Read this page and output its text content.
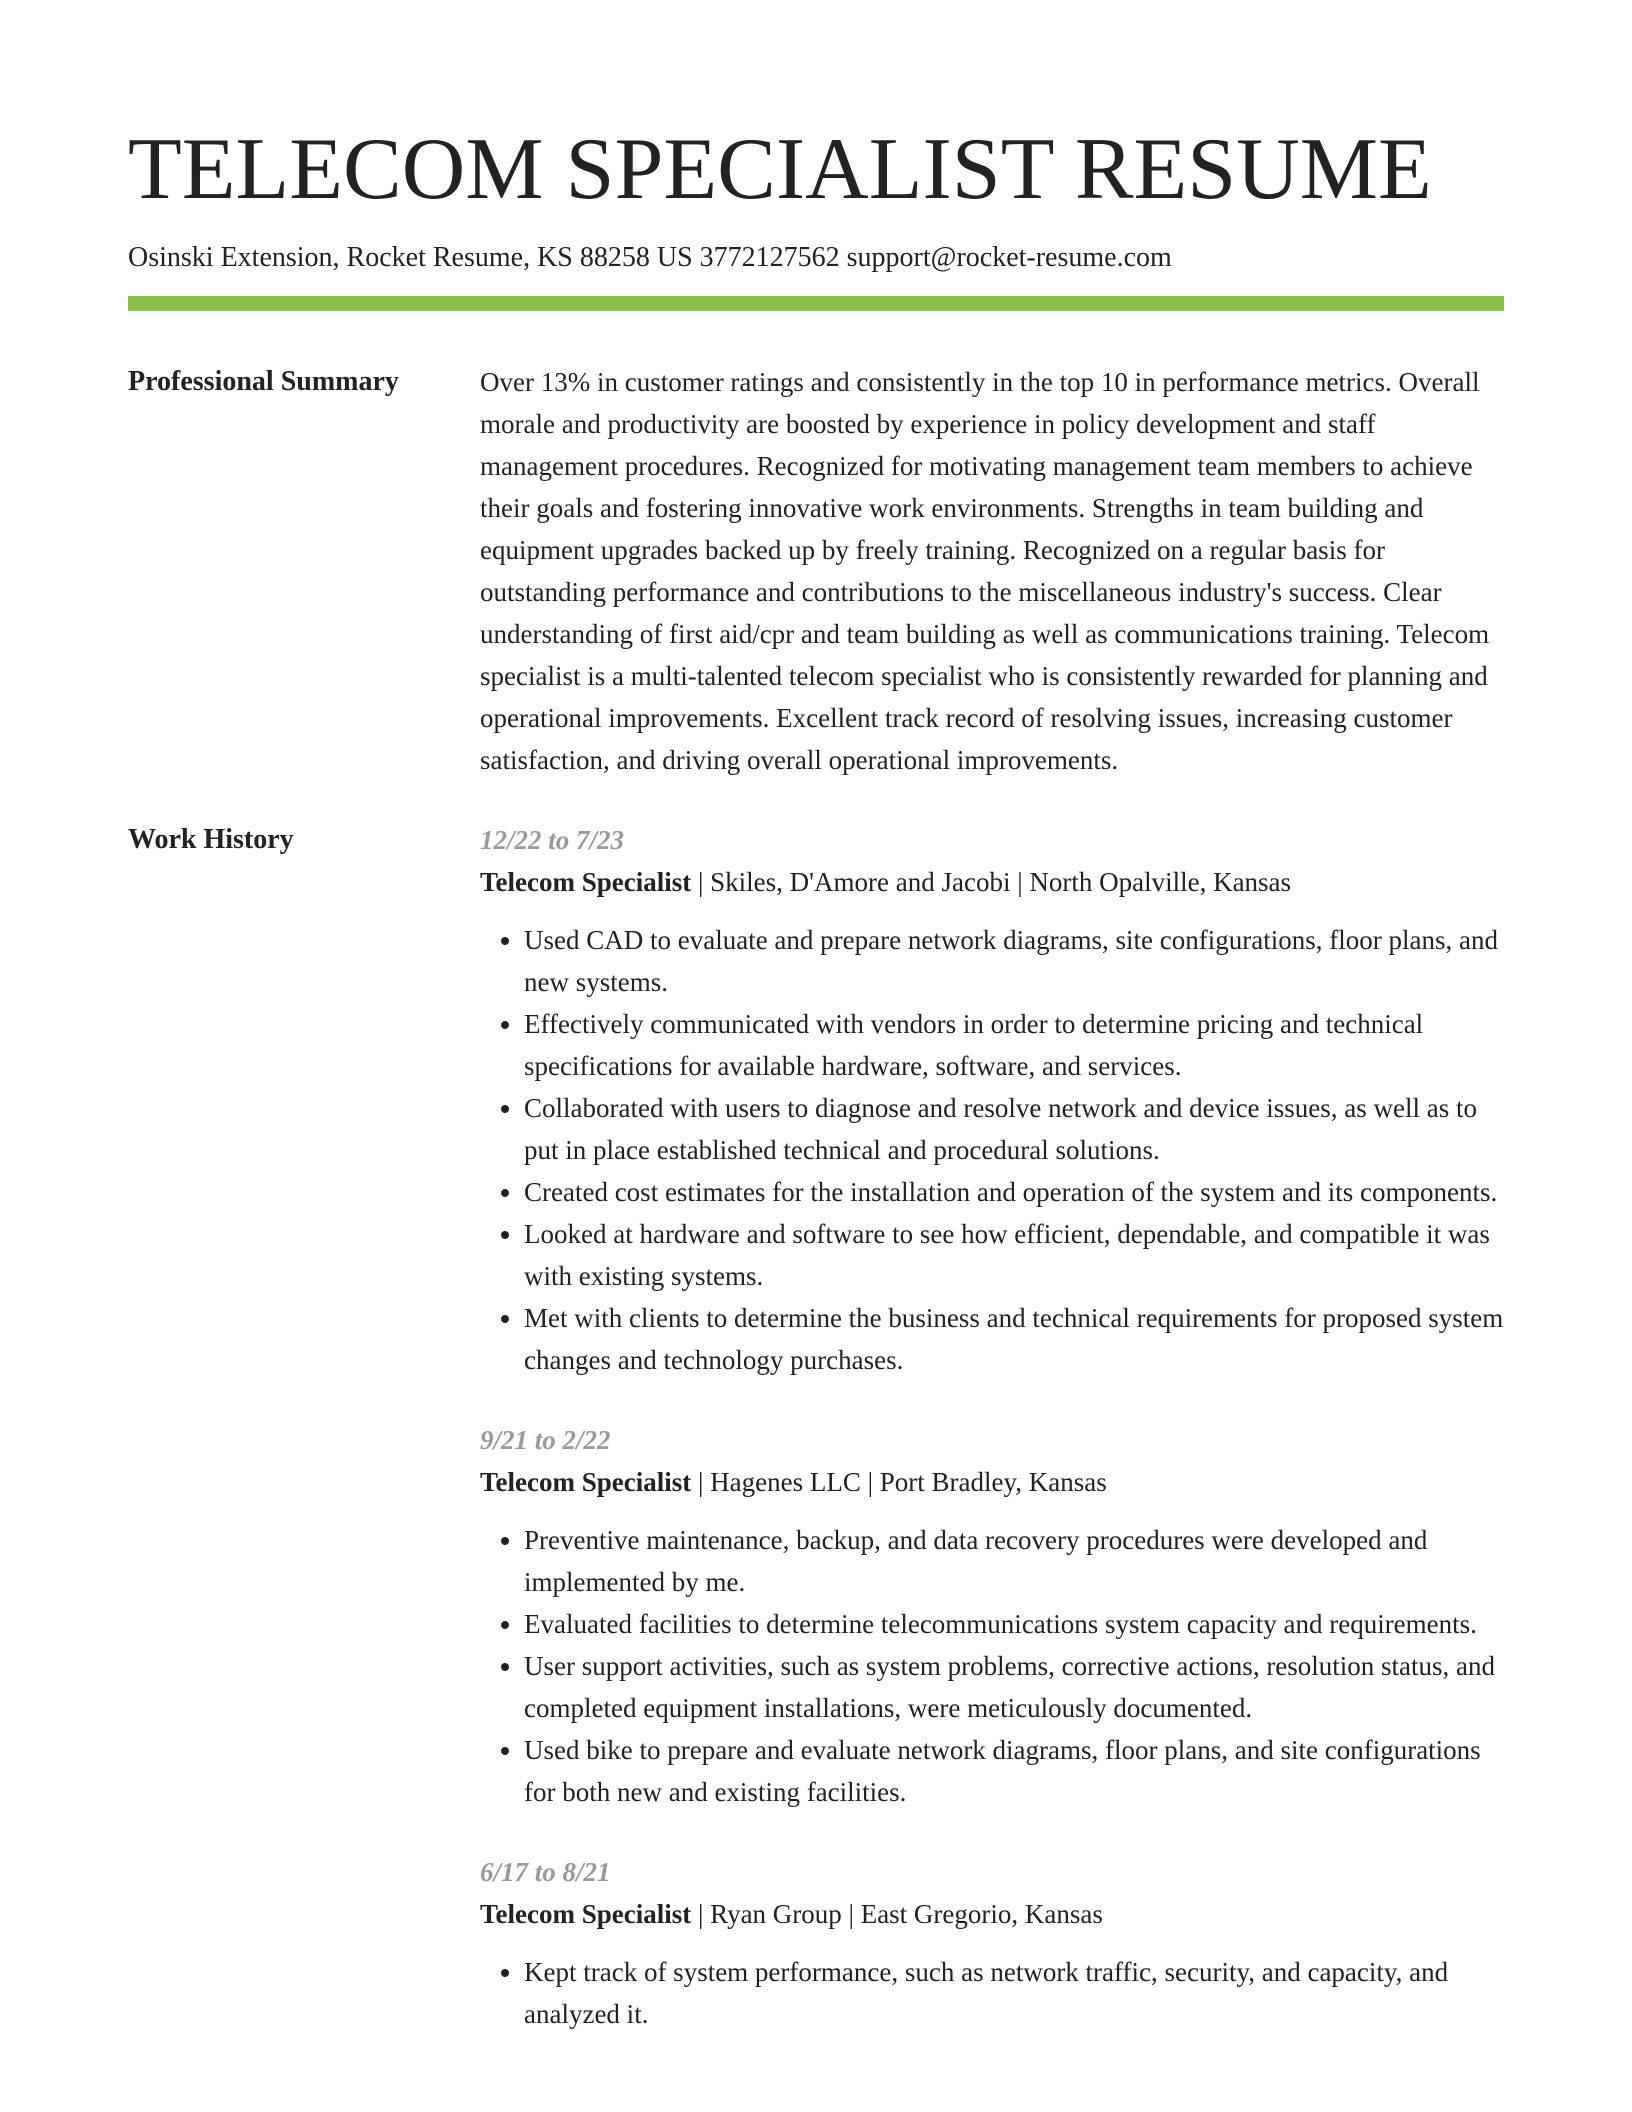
TELECOM SPECIALIST RESUME
Osinski Extension, Rocket Resume, KS 88258 US 3772127562 support@rocket-resume.com
Professional Summary	Over 13% in customer ratings and consistently in the top 10 in performance metrics. Overall morale and productivity are boosted by experience in policy development and staff management procedures. Recognized for motivating management team members to achieve their goals and fostering innovative work environments. Strengths in team building and equipment upgrades backed up by freely training. Recognized on a regular basis for outstanding performance and contributions to the miscellaneous industry's success. Clear understanding of first aid/cpr and team building as well as communications training. Telecom specialist is a multi-talented telecom specialist who is consistently rewarded for planning and operational improvements. Excellent track record of resolving issues, increasing customer satisfaction, and driving overall operational improvements.

Work History	12/22 to 7/23
Telecom Specialist | Skiles, D'Amore and Jacobi | North Opalville, Kansas
• Used CAD to evaluate and prepare network diagrams, site configurations, floor plans, and new systems.
• Effectively communicated with vendors in order to determine pricing and technical specifications for available hardware, software, and services.
• Collaborated with users to diagnose and resolve network and device issues, as well as to put in place established technical and procedural solutions.
• Created cost estimates for the installation and operation of the system and its components.
• Looked at hardware and software to see how efficient, dependable, and compatible it was with existing systems.
• Met with clients to determine the business and technical requirements for proposed system changes and technology purchases.
9/21 to 2/22
Telecom Specialist | Hagenes LLC | Port Bradley, Kansas
• Preventive maintenance, backup, and data recovery procedures were developed and implemented by me.
• Evaluated facilities to determine telecommunications system capacity and requirements.
• User support activities, such as system problems, corrective actions, resolution status, and completed equipment installations, were meticulously documented.
• Used bike to prepare and evaluate network diagrams, floor plans, and site configurations for both new and existing facilities.
6/17 to 8/21
Telecom Specialist | Ryan Group | East Gregorio, Kansas
• Kept track of system performance, such as network traffic, security, and capacity, and analyzed it.
